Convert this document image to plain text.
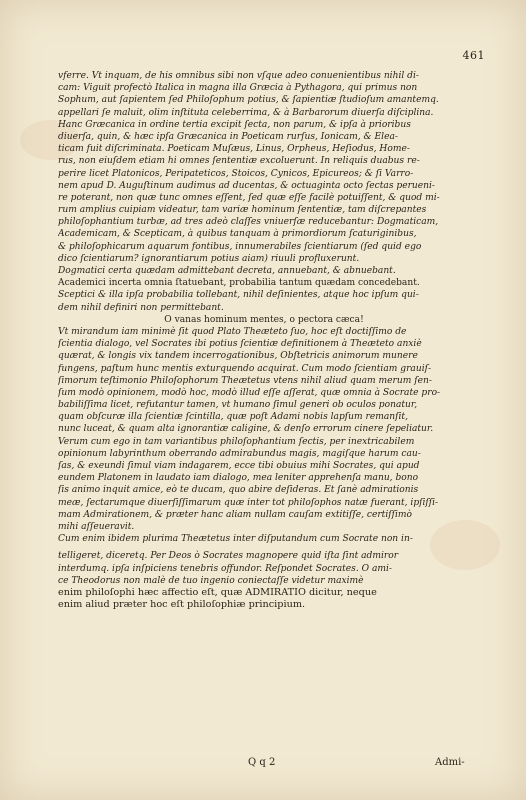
461
vferre. Vt inquam, de his omnibus sibi non vſque adeo conuenientibus nihil di-
cam: Viguit profectò Italica in magna illa Græcia à Pythagora, qui primus non
Sophum, aut ſapientem ſed Philoſophum potius, & ſapientiæ ſtudioſum amantemq.
appellari ſe maluit, olim inſtituta celeberrima, & à Barbarorum diuerſa diſciplina.
Hanc Græcanica in ordine tertia excipit ſecta, non parum, & ipſa à prioribus
diuerſa, quin, & hæc ipſa Græcanica in Poeticam rurſus, Ionicam, & Elea-
ticam fuit diſcriminata. Poeticam Muſæus, Linus, Orpheus, Heſiodus, Home-
rus, non eiuſdem etiam hi omnes ſententiæ excoluerunt. In reliquis duabus re-
perire licet Platonicos, Peripateticos, Stoicos, Cynicos, Epicureos; & ſi Varro-
nem apud D. Auguſtinum audimus ad ducentas, & octuaginta octo ſectas perueni-
re poterant, non quæ tunc omnes eſſent, ſed quæ eſſe facilè potuiſſent, & quod mi-
rum amplius cuipiam videatur, tam variæ hominum ſententiæ, tam diſcrepantes
philoſophantium turbæ, ad tres adeò claſſes vniuerſæ reducebantur: Dogmaticam,
Academicam, & Scepticam, à quibus tanquam à primordiorum ſcaturiginibus,
& philoſophicarum aquarum fontibus, innumerabiles ſcientiarum (ſed quid ego
dico ſcientiarum? ignorantiarum potius aiam) riuuli profluxerunt.
Dogmatici certa quædam admittebant decreta, annuebant, & abnuebant.
Academici incerta omnia ſtatuebant, probabilia tantum quædam concedebant.
Sceptici & illa ipſa probabilia tollebant, nihil deſinientes, atque hoc ipſum qui-
dem nihil definiri non permittebant.
O vanas hominum mentes, o pectora cæca!
Vt mirandum iam minimè ſit quod Plato Theæteto ſuo, hoc eſt doctiſſimo de
ſcientia dialogo, vel Socrates ibi potius ſcientiæ definitionem à Theæteto anxiè
quærat, & longis vix tandem incerrogationibus, Obſtetricis animorum munere
fungens, paſtum hunc mentis exturquendo acquirat. Cum modo ſcientiam grauiſ-
ſimorum teſtimonio Philoſophorum Theætetus vtens nihil aliud quam merum ſen-
ſum modò opinionem, modò hoc, modò illud eſſe aſſerat, quæ omnia à Socrate pro-
babiliſſima licet, refutantur tamen, vt humano ſimul generi ob oculos ponatur,
quam obſcuræ illa ſcientiæ ſcintilla, quæ poſt Adami nobis lapſum remanſit,
nunc luceat, & quam alta ignorantiæ caligine, & denſo errorum cinere ſepeliatur.
Verum cum ego in tam variantibus philoſophantium ſectis, per inextricabilem
opinionum labyrinthum oberrando admirabundus magis, magiſque harum cau-
ſas, & exeundi ſimul viam indagarem, ecce tibi obuius mihi Socrates, qui apud
eundem Platonem in laudato iam dialogo, mea leniter apprehenſa manu, bono
ſis animo inquit amice, eò te ducam, quo abire deſideras. Et ſanè admirationis
meæ, ſectarumque diuerſiſſimarum quæ inter tot philoſophos natæ fuerant, ipſiſſi-
mam Admirationem, & præter hanc aliam nullam cauſam extitiſſe, certiſſimò
mihi aſſeueravit.
Cum enim ibidem plurima Theætetus inter diſputandum cum Socrate non in-
telligeret, diceretq. Per Deos ò Socrates magnopere quid iſta ſint admiror
interdumq. ipſa inſpiciens tenebris offundor. Reſpondet Socrates. O ami-
ce Theodorus non malè de tuo ingenio coniectaſſe videtur maximè
enim philoſophi hæc affectio eſt, quæ ADMIRATIO dicitur, neque
enim aliud præter hoc eſt philoſophiæ principium.
Q q 2	Admi-
